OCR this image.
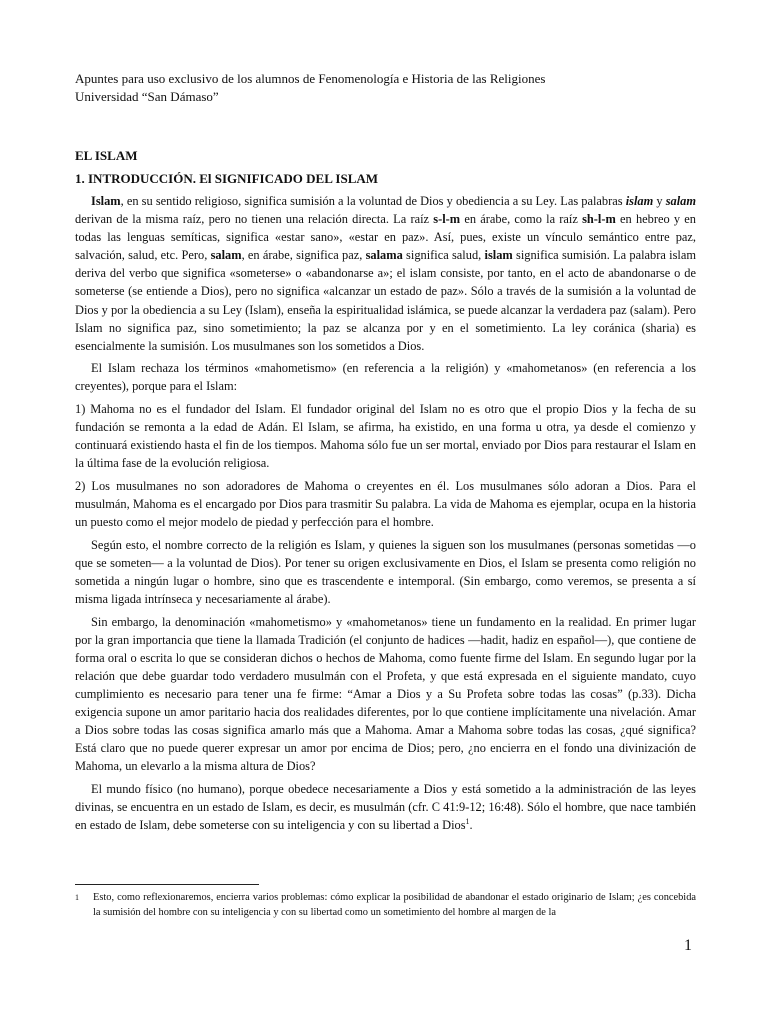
Apuntes para uso exclusivo de los alumnos de Fenomenología e Historia de las Religiones
Universidad “San Dámaso”
EL ISLAM
1. INTRODUCCIÓN. El SIGNIFICADO DEL ISLAM

Islam, en su sentido religioso, significa sumisión a la voluntad de Dios y obediencia a su Ley. Las palabras islam y salam derivan de la misma raíz, pero no tienen una relación directa. La raíz s-l-m en árabe, como la raíz sh-l-m en hebreo y en todas las lenguas semíticas, significa «estar sano», «estar en paz». Así, pues, existe un vínculo semántico entre paz, salvación, salud, etc. Pero, salam, en árabe, significa paz, salama significa salud, islam significa sumisión. La palabra islam deriva del verbo que significa «someterse» o «abandonarse a»; el islam consiste, por tanto, en el acto de abandonarse o de someterse (se entiende a Dios), pero no significa «alcanzar un estado de paz». Sólo a través de la sumisión a la voluntad de Dios y por la obediencia a su Ley (Islam), enseña la espiritualidad islámica, se puede alcanzar la verdadera paz (salam). Pero Islam no significa paz, sino sometimiento; la paz se alcanza por y en el sometimiento. La ley coránica (sharia) es esencialmente la sumisión. Los musulmanes son los sometidos a Dios.

El Islam rechaza los términos «mahometismo» (en referencia a la religión) y «mahometanos» (en referencia a los creyentes), porque para el Islam:

1) Mahoma no es el fundador del Islam. El fundador original del Islam no es otro que el propio Dios y la fecha de su fundación se remonta a la edad de Adán. El Islam, se afirma, ha existido, en una forma u otra, ya desde el comienzo y continuará existiendo hasta el fin de los tiempos. Mahoma sólo fue un ser mortal, enviado por Dios para restaurar el Islam en la última fase de la evolución religiosa.

2) Los musulmanes no son adoradores de Mahoma o creyentes en él. Los musulmanes sólo adoran a Dios. Para el musulmán, Mahoma es el encargado por Dios para trasmitir Su palabra. La vida de Mahoma es ejemplar, ocupa en la historia un puesto como el mejor modelo de piedad y perfección para el hombre.

Según esto, el nombre correcto de la religión es Islam, y quienes la siguen son los musulmanes (personas sometidas —o que se someten— a la voluntad de Dios). Por tener su origen exclusivamente en Dios, el Islam se presenta como religión no sometida a ningún lugar o hombre, sino que es trascendente e intemporal. (Sin embargo, como veremos, se presenta a sí misma ligada intrínseca y necesariamente al árabe).

Sin embargo, la denominación «mahometismo» y «mahometanos» tiene un fundamento en la realidad. En primer lugar por la gran importancia que tiene la llamada Tradición (el conjunto de hadices —hadit, hadiz en español—), que contiene de forma oral o escrita lo que se consideran dichos o hechos de Mahoma, como fuente firme del Islam. En segundo lugar por la relación que debe guardar todo verdadero musulmán con el Profeta, y que está expresada en el siguiente mandato, cuyo cumplimiento es necesario para tener una fe firme: “Amar a Dios y a Su Profeta sobre todas las cosas” (p.33). Dicha exigencia supone un amor paritario hacia dos realidades diferentes, por lo que contiene implícitamente una nivelación. Amar a Dios sobre todas las cosas significa amarlo más que a Mahoma. Amar a Mahoma sobre todas las cosas, ¿qué significa? Está claro que no puede querer expresar un amor por encima de Dios; pero, ¿no encierra en el fondo una divinización de Mahoma, un elevarlo a la misma altura de Dios?

El mundo físico (no humano), porque obedece necesariamente a Dios y está sometido a la administración de las leyes divinas, se encuentra en un estado de Islam, es decir, es musulmán (cfr. C 41:9-12; 16:48). Sólo el hombre, que nace también en estado de Islam, debe someterse con su inteligencia y con su libertad a Dios$^1$.

1 Esto, como reflexionaremos, encierra varios problemas: cómo explicar la posibilidad de abandonar el estado originario de Islam; ¿es concebida la sumisión del hombre con su inteligencia y con su libertad como un sometimiento del hombre al margen de la
1
